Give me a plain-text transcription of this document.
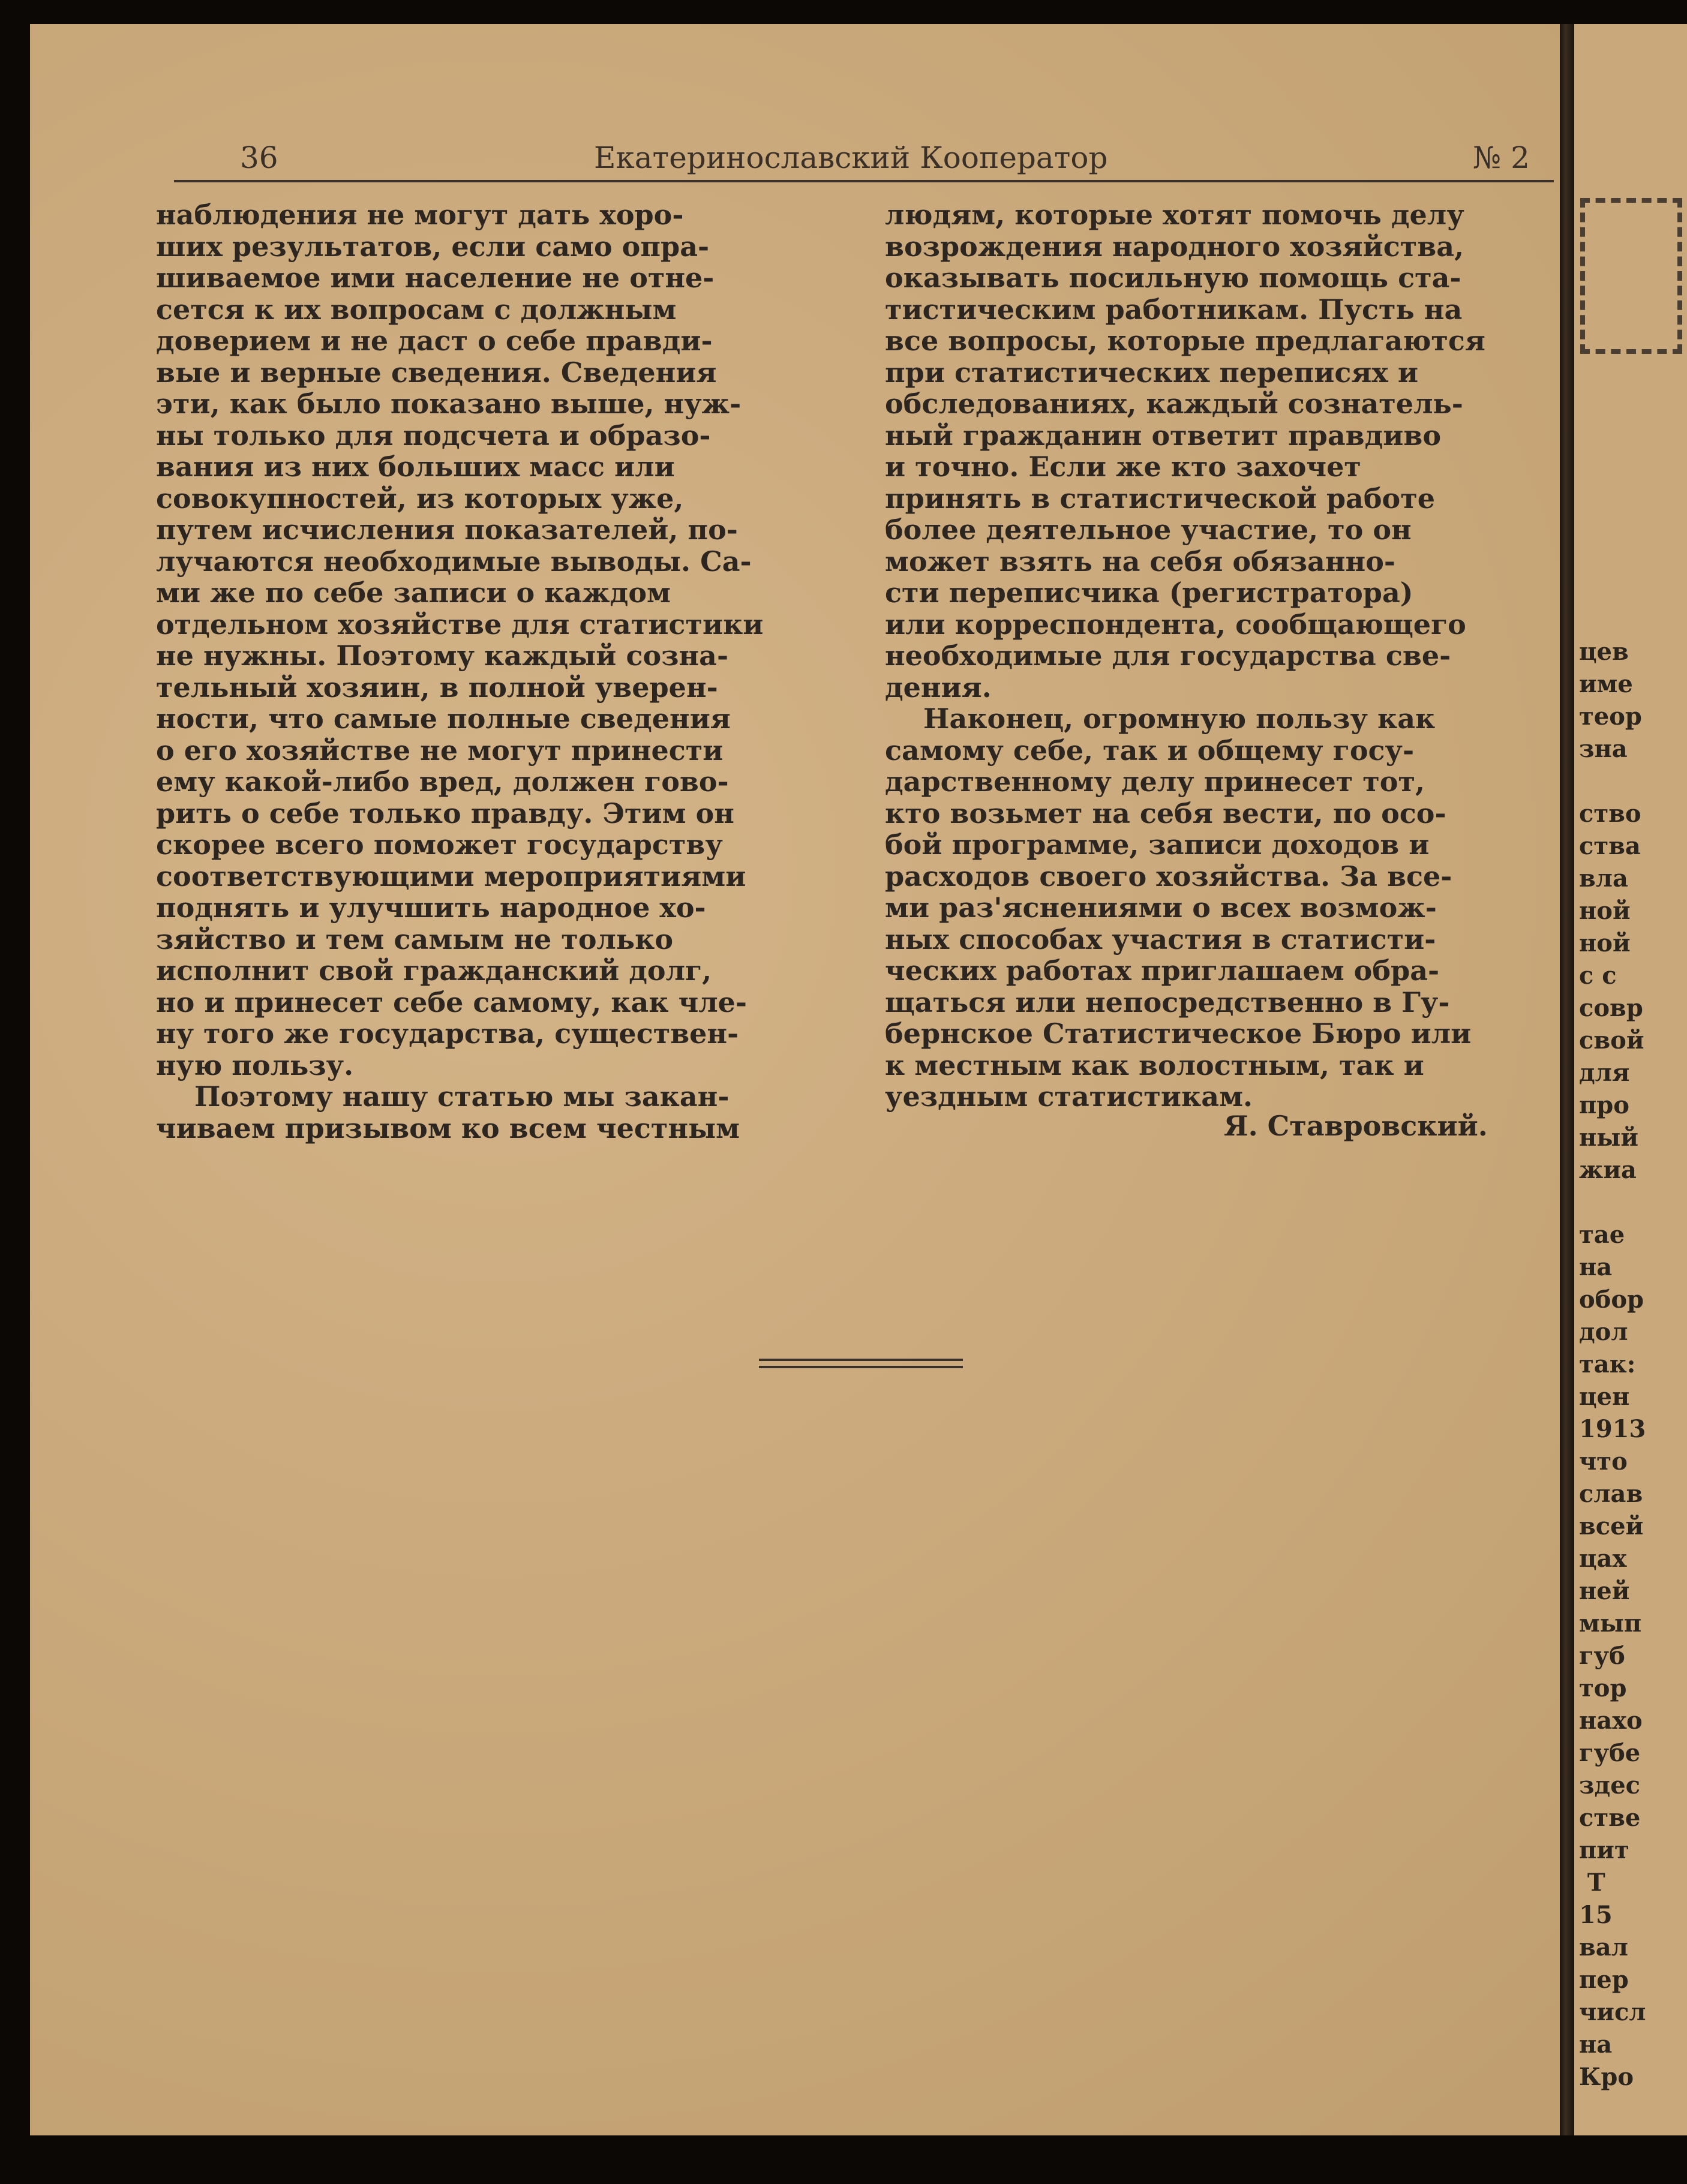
цев
име
теор
зна
ство
ства
вла
ной
ной
с с
совр
свой
для
про
ный
жиа

тае
на
обор
дол
так:
цен
1913
что
слав
всей
цах
ней
мып
губ
тор
нахо
губе
здес
стве
пит
Т
15
вал
пер
числ
на
Кро
36	Екатеринославский Кооператор	№ 2

наблюдения не могут дать хоро-

ших результатов, если само опра-

шиваемое ими население не отне-

сется к их вопросам с должным

доверием и не даст о себе правди-

вые и верные сведения. Сведения

эти, как было показано выше, нуж-

ны только для подсчета и образо-

вания из них больших масс или

совокупностей, из которых уже,

путем исчисления показателей, по-

лучаются необходимые выводы. Са-

ми же по себе записи о каждом

отдельном хозяйстве для статистики

не нужны. Поэтому каждый созна-

тельный хозяин, в полной уверен-

ности, что самые полные сведения

о его хозяйстве не могут принести

ему какой-либо вред, должен гово-

рить о себе только правду. Этим он

скорее всего поможет государству

соответствующими мероприятиями

поднять и улучшить народное хо-

зяйство и тем самым не только

исполнит свой гражданский долг,

но и принесет себе самому, как чле-

ну того же государства, существен-

ную пользу.

Поэтому нашу статью мы закан-

чиваем призывом ко всем честным

людям, которые хотят помочь делу

возрождения народного хозяйства,

оказывать посильную помощь ста-

тистическим работникам. Пусть на

все вопросы, которые предлагаются

при статистических переписях и

обследованиях, каждый сознатель-

ный гражданин ответит правдиво

и точно. Если же кто захочет

принять в статистической работе

более деятельное участие, то он

может взять на себя обязанно-

сти переписчика (регистратора)

или корреспондента, сообщающего

необходимые для государства све-

дения.

Наконец, огромную пользу как

самому себе, так и общему госу-

дарственному делу принесет тот,

кто возьмет на себя вести, по осо-

бой программе, записи доходов и

расходов своего хозяйства. За все-

ми раз'яснениями о всех возмож-

ных способах участия в статисти-

ческих работах приглашаем обра-

щаться или непосредственно в Гу-

бернское Статистическое Бюро или

к местным как волостным, так и

уездным статистикам.

Я. Ставровский.
